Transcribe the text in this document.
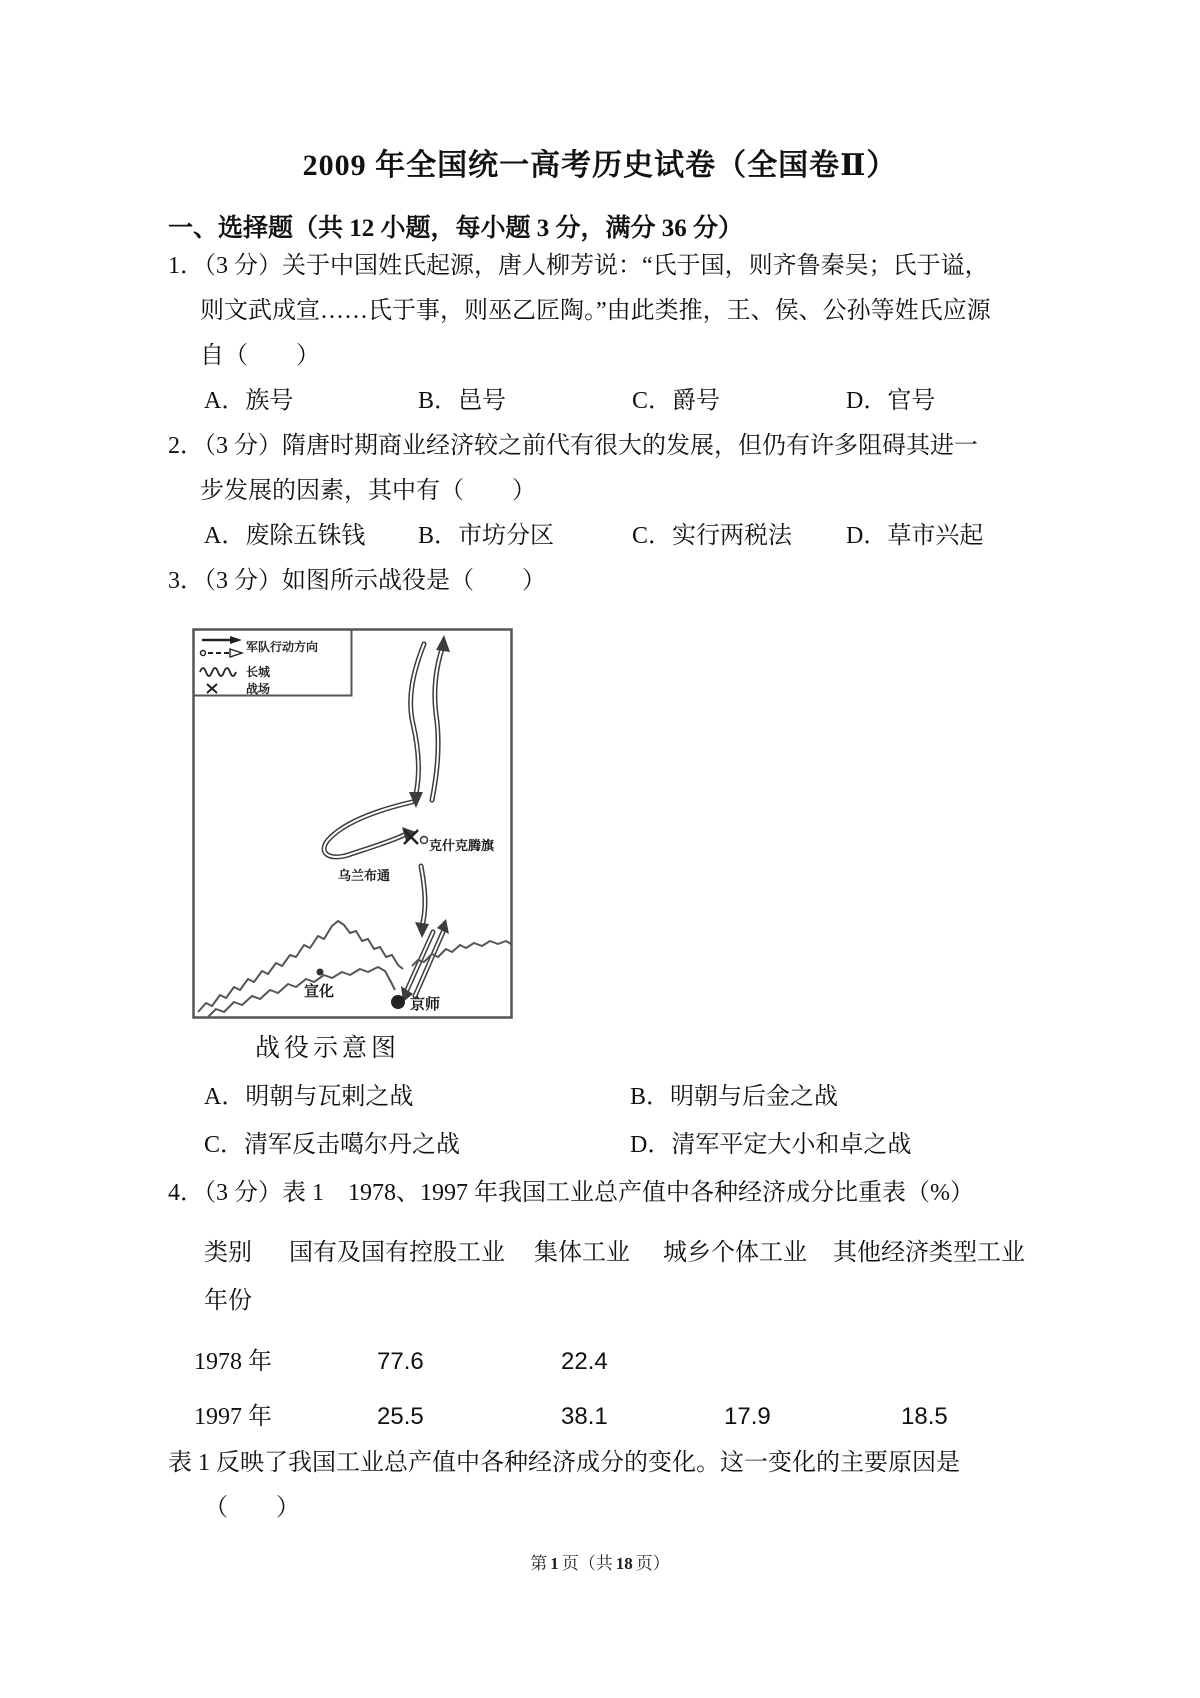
2009 年全国统一高考历史试卷（全国卷Ⅱ）
一、选择题（共 12 小题，每小题 3 分，满分 36 分）
1．（3 分）关于中国姓氏起源，唐人柳芳说：“氏于国，则齐鲁秦吴；氏于谥，
则文武成宣……氏于事，则巫乙匠陶。”由此类推，王、侯、公孙等姓氏应源
自（　　）
A．族号	B．邑号	C．爵号	D．官号
2．（3 分）隋唐时期商业经济较之前代有很大的发展，但仍有许多阻碍其进一
步发展的因素，其中有（　　）
A．废除五铢钱 B．市坊分区	C．实行两税法 D．草市兴起
3．（3 分）如图所示战役是（　　）
军队行动方向
长城
战场
克什克腾旗
乌兰布通
宣化
京师
战役示意图
A．明朝与瓦剌之战	B．明朝与后金之战
C．清军反击噶尔丹之战	D．清军平定大小和卓之战
4．（3 分）表 1　1978、1997 年我国工业总产值中各种经济成分比重表（%）
类别 国有及国有控股工业 集体工业 城乡个体工业 其他经济类型工业
年份
1978 年	77.6	22.4
1997 年	25.5	38.1	17.9	18.5
表 1 反映了我国工业总产值中各种经济成分的变化。这一变化的主要原因是
（　　）
第 1 页（共 18 页）
